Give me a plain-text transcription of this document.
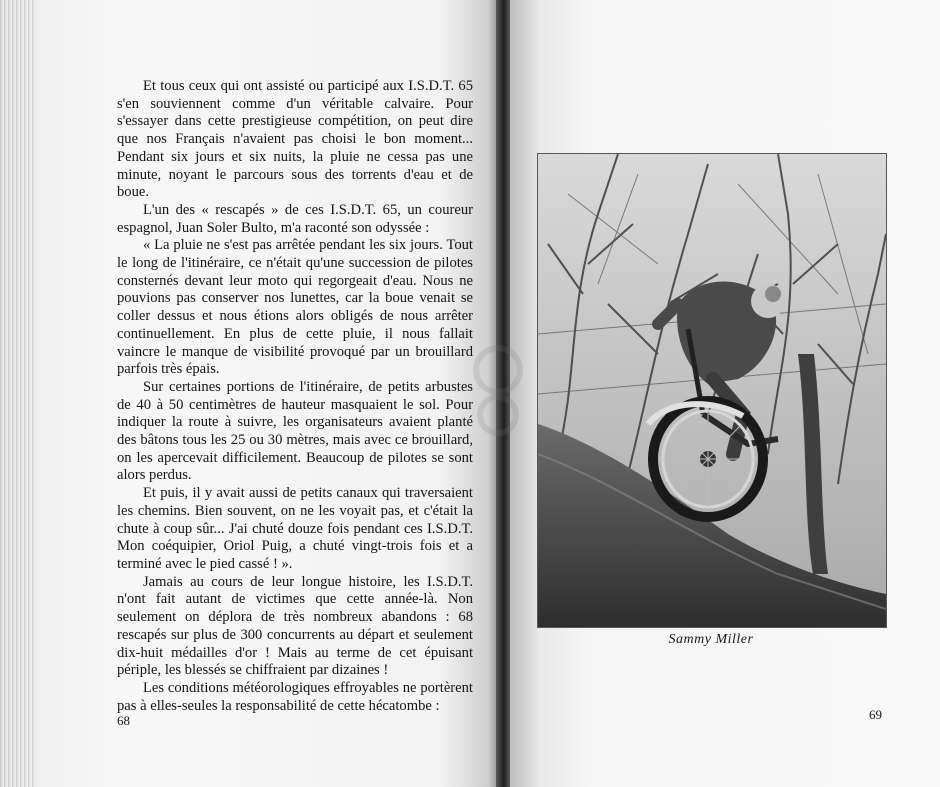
Et tous ceux qui ont assisté ou participé aux I.S.D.T. 65 s'en souviennent comme d'un véritable calvaire. Pour s'essayer dans cette prestigieuse compétition, on peut dire que nos Français n'avaient pas choisi le bon moment... Pendant six jours et six nuits, la pluie ne cessa pas une minute, noyant le parcours sous des torrents d'eau et de boue.

L'un des « rescapés » de ces I.S.D.T. 65, un coureur espagnol, Juan Soler Bulto, m'a raconté son odyssée :

« La pluie ne s'est pas arrêtée pendant les six jours. Tout le long de l'itinéraire, ce n'était qu'une succession de pilotes consternés devant leur moto qui regorgeait d'eau. Nous ne pouvions pas conserver nos lunettes, car la boue venait se coller dessus et nous étions alors obligés de nous arrêter continuellement. En plus de cette pluie, il nous fallait vaincre le manque de visibilité provoqué par un brouillard parfois très épais.

Sur certaines portions de l'itinéraire, de petits arbustes de 40 à 50 centimètres de hauteur masquaient le sol. Pour indiquer la route à suivre, les organisateurs avaient planté des bâtons tous les 25 ou 30 mètres, mais avec ce brouillard, on les apercevait difficilement. Beaucoup de pilotes se sont alors perdus.

Et puis, il y avait aussi de petits canaux qui traversaient les chemins. Bien souvent, on ne les voyait pas, et c'était la chute à coup sûr... J'ai chuté douze fois pendant ces I.S.D.T. Mon coéquipier, Oriol Puig, a chuté vingt-trois fois et a terminé avec le pied cassé ! ».

Jamais au cours de leur longue histoire, les I.S.D.T. n'ont fait autant de victimes que cette année-là. Non seulement on déplora de très nombreux abandons : 68 rescapés sur plus de 300 concurrents au départ et seulement dix-huit médailles d'or ! Mais au terme de cet épuisant périple, les blessés se chiffraient par dizaines !

Les conditions météorologiques effroyables ne portèrent pas à elles-seules la responsabilité de cette hécatombe :

68
Sammy Miller
69
